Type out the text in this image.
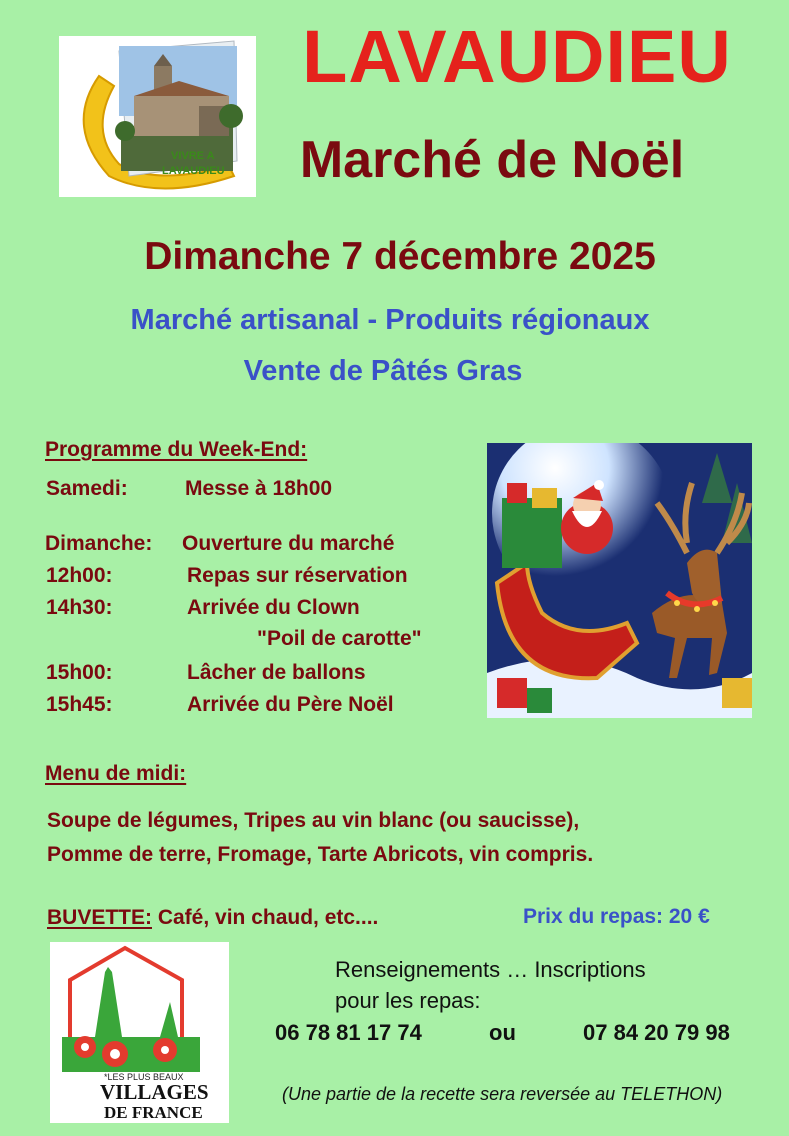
VIVRE A
LAVAUDIEU
LAVAUDIEU
Marché de Noël
Dimanche 7 décembre 2025
Marché artisanal - Produits régionaux
Vente de Pâtés Gras
Programme du Week-End:
Samedi:	Messe à 18h00
Dimanche: Ouverture du marché
12h00:	Repas sur réservation
14h30:	Arrivée du Clown
"Poil de carotte"
15h00:	Lâcher de ballons
15h45:	Arrivée du Père Noël
Menu de midi:
Soupe de légumes, Tripes au vin blanc (ou saucisse),
Pomme de terre, Fromage, Tarte Abricots, vin compris.
BUVETTE: Café, vin chaud, etc....	Prix du repas: 20 €
*LES PLUS BEAUX
VILLAGES
DE FRANCE
Renseignements … Inscriptions
pour les repas:
06 78 81 17 74	ou	07 84 20 79 98
(Une partie de la recette sera reversée au TELETHON)
